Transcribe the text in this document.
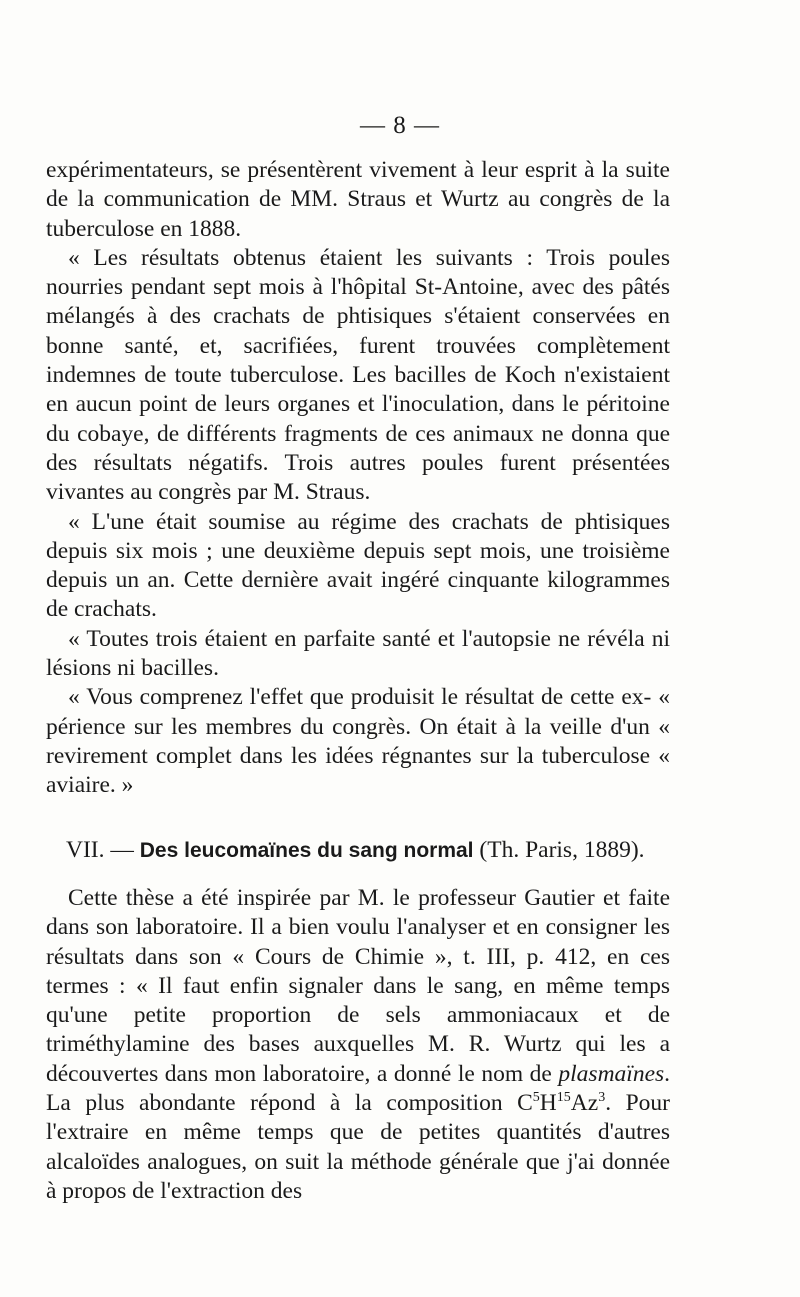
— 8 —

expérimentateurs, se présentèrent vivement à leur esprit à la suite de la communication de MM. Straus et Wurtz au congrès de la tuberculose en 1888.

« Les résultats obtenus étaient les suivants : Trois poules nourries pendant sept mois à l'hôpital St-Antoine, avec des pâtés mélangés à des crachats de phtisiques s'étaient conservées en bonne santé, et, sacrifiées, furent trouvées complètement indemnes de toute tuberculose. Les bacilles de Koch n'existaient en aucun point de leurs organes et l'inoculation, dans le péritoine du cobaye, de différents fragments de ces animaux ne donna que des résultats négatifs. Trois autres poules furent présentées vivantes au congrès par M. Straus.

« L'une était soumise au régime des crachats de phtisiques depuis six mois ; une deuxième depuis sept mois, une troisième depuis un an. Cette dernière avait ingéré cinquante kilogrammes de crachats.

« Toutes trois étaient en parfaite santé et l'autopsie ne révéla ni lésions ni bacilles.

« Vous comprenez l'effet que produisit le résultat de cette ex- « périence sur les membres du congrès. On était à la veille d'un « revirement complet dans les idées régnantes sur la tuberculose « aviaire. »

VII. — Des leucomaïnes du sang normal (Th. Paris, 1889).

Cette thèse a été inspirée par M. le professeur Gautier et faite dans son laboratoire. Il a bien voulu l'analyser et en consigner les résultats dans son « Cours de Chimie », t. III, p. 412, en ces termes : « Il faut enfin signaler dans le sang, en même temps qu'une petite proportion de sels ammoniacaux et de triméthylamine des bases auxquelles M. R. Wurtz qui les a découvertes dans mon laboratoire, a donné le nom de plasmaïnes. La plus abondante répond à la composition $C^5H^{15}Az^3$. Pour l'extraire en même temps que de petites quantités d'autres alcaloïdes analogues, on suit la méthode générale que j'ai donnée à propos de l'extraction des
